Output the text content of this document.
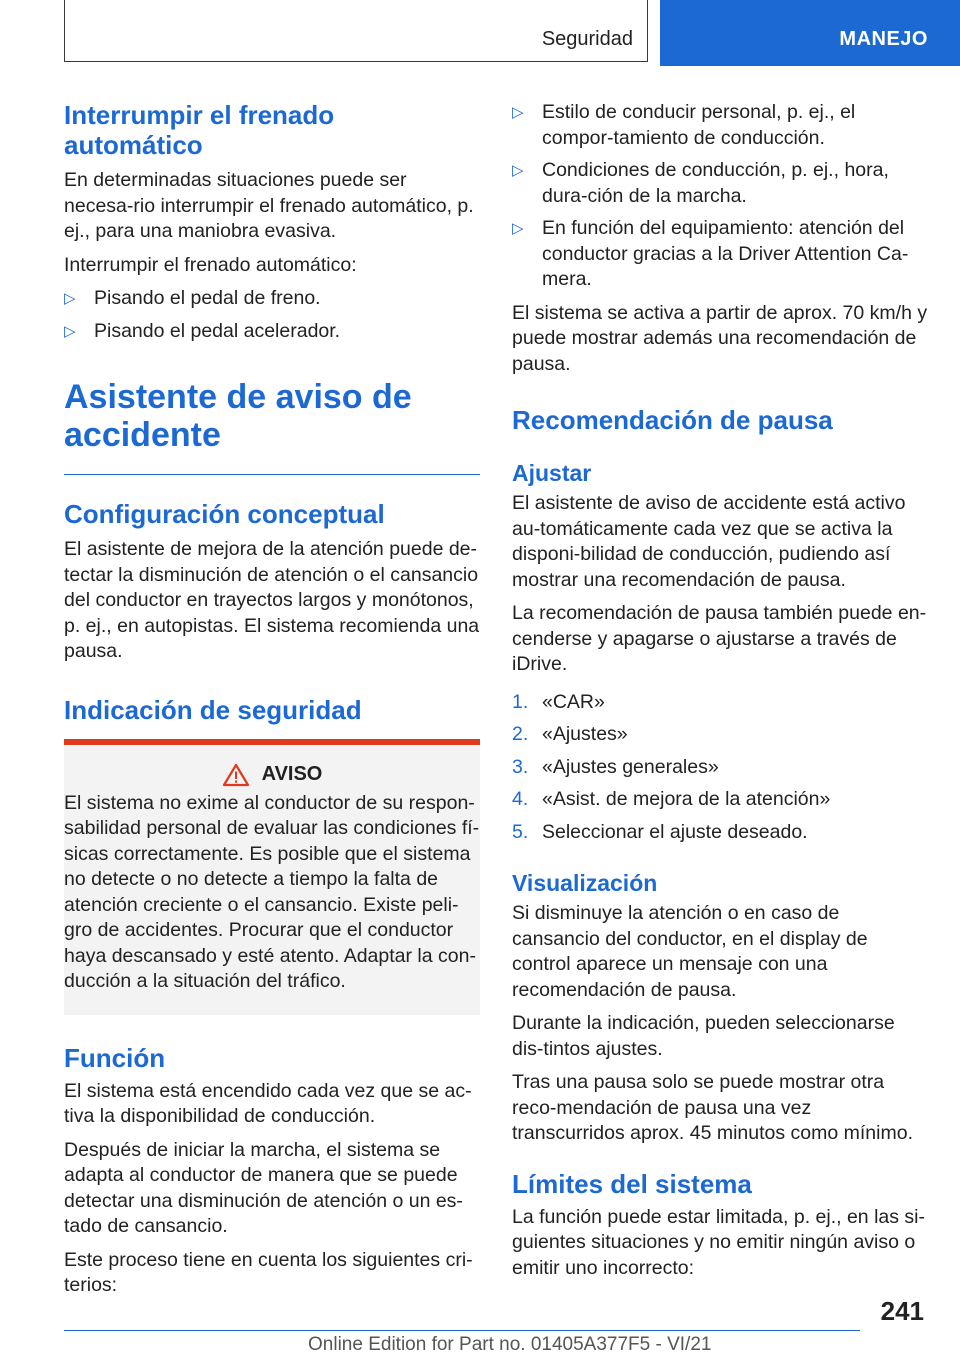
Seguridad	MANEJO
Interrumpir el frenado automático

En determinadas situaciones puede ser necesa-rio interrumpir el frenado automático, p. ej., para una maniobra evasiva.

Interrumpir el frenado automático:

▷ Pisando el pedal de freno.
▷ Pisando el pedal acelerador.
Asistente de aviso de accidente
Configuración conceptual

El asistente de mejora de la atención puede de-tectar la disminución de atención o el cansancio del conductor en trayectos largos y monótonos, p. ej., en autopistas. El sistema recomienda una pausa.

Indicación de seguridad
AVISO

El sistema no exime al conductor de su respon-sabilidad personal de evaluar las condiciones fí-sicas correctamente. Es posible que el sistema no detecte o no detecte a tiempo la falta de atención creciente o el cansancio. Existe peli-gro de accidentes. Procurar que el conductor haya descansado y esté atento. Adaptar la con-ducción a la situación del tráfico.

Función

El sistema está encendido cada vez que se ac-tiva la disponibilidad de conducción.

Después de iniciar la marcha, el sistema se adapta al conductor de manera que se puede detectar una disminución de atención o un es-tado de cansancio.

Este proceso tiene en cuenta los siguientes cri-terios:

▷ Estilo de conducir personal, p. ej., el compor-tamiento de conducción.
▷ Condiciones de conducción, p. ej., hora, dura-ción de la marcha.
▷ En función del equipamiento: atención del conductor gracias a la Driver Attention Ca-mera.

El sistema se activa a partir de aprox. 70 km/h y puede mostrar además una recomendación de pausa.

Recomendación de pausa
Ajustar

El asistente de aviso de accidente está activo au-tomáticamente cada vez que se activa la disponi-bilidad de conducción, pudiendo así mostrar una recomendación de pausa.

La recomendación de pausa también puede en-cenderse y apagarse o ajustarse a través de iDrive.

1. «CAR»
2. «Ajustes»
3. «Ajustes generales»
4. «Asist. de mejora de la atención»
5. Seleccionar el ajuste deseado.
Visualización

Si disminuye la atención o en caso de cansancio del conductor, en el display de control aparece un mensaje con una recomendación de pausa.

Durante la indicación, pueden seleccionarse dis-tintos ajustes.

Tras una pausa solo se puede mostrar otra reco-mendación de pausa una vez transcurridos aprox. 45 minutos como mínimo.

Límites del sistema

La función puede estar limitada, p. ej., en las si-guientes situaciones y no emitir ningún aviso o emitir uno incorrecto:

241
Online Edition for Part no. 01405A377F5 - VI/21
